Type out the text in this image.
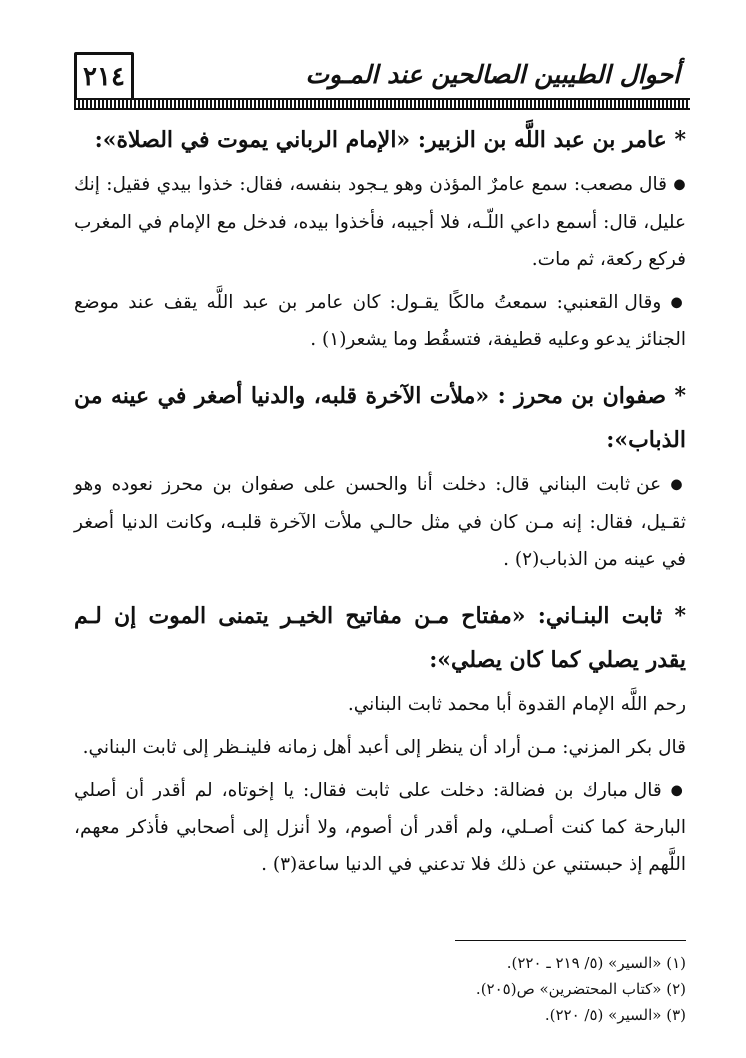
٢١٤	أحوال الطيبين الصالحين عند المـوت
* عامر بن عبد اللَّه بن الزبير: «الإمام الرباني يموت في الصلاة»:

● قال مصعب: سمع عامرٌ المؤذن وهو يـجود بنفسه، فقال: خذوا بيدي فقيل: إنك عليل، قال: أسمع داعي اللّـه، فلا أجيبه، فأخذوا بيده، فدخل مع الإمام في المغرب فركع ركعة، ثم مات.

● وقال القعنبي: سمعتُ مالكًا يقـول: كان عامر بن عبد اللَّه يقف عند موضع الجنائز يدعو وعليه قطيفة، فتسقُط وما يشعر(١) .

* صفوان بن محرز : «ملأت الآخرة قلبه، والدنيا أصغر في عينه من الذباب»:

● عن ثابت البناني قال: دخلت أنا والحسن على صفوان بن محرز نعوده وهو ثقـيل، فقال: إنه مـن كان في مثل حالـي ملأت الآخرة قلبـه، وكانت الدنيا أصغر في عينه من الذباب(٢) .

* ثابت البنـاني: «مفتاح مـن مفاتيح الخيـر يتمنى الموت إن لـم يقدر يصلي كما كان يصلي»:

رحم اللَّه الإمام القدوة أبا محمد ثابت البناني.

قال بكر المزني: مـن أراد أن ينظر إلى أعبد أهل زمانه فلينـظر إلى ثابت البناني.

● قال مبارك بن فضالة: دخلت على ثابت فقال: يا إخوتاه، لم أقدر أن أصلي البارحة كما كنت أصـلي، ولم أقدر أن أصوم، ولا أنزل إلى أصحابي فأذكر معهم، اللَّهم إذ حبستني عن ذلك فلا تدعني في الدنيا ساعة(٣) .

(١) «السير» (٥/ ٢١٩ ـ ٢٢٠).
(٢) «كتاب المحتضرين» ص(٢٠٥).
(٣) «السير» (٥/ ٢٢٠).
